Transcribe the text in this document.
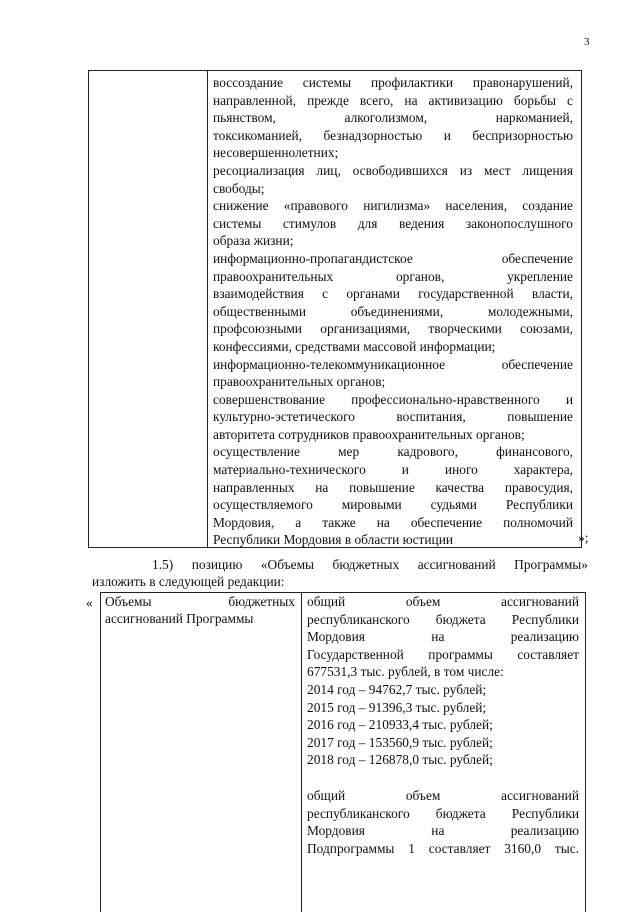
3
воссоздание системы профилактики правонарушений,
направленной, прежде всего, на активизацию борьбы с
пьянством, алкоголизмом, наркоманией,
токсикоманией, безнадзорностью и беспризорностью
несовершеннолетних;
ресоциализация лиц, освободившихся из мест лищения
свободы;
снижение «правового нигилизма» населения, создание
системы стимулов для ведения законопослушного
образа жизни;
информационно-пропагандистское обеспечение
правоохранительных органов, укрепление
взаимодействия с органами государственной власти,
общественными объединениями, молодежными,
профсоюзными организациями, творческими союзами,
конфессиями, средствами массовой информации;
информационно-телекоммуникационное обеспечение
правоохранительных органов;
совершенствование профессионально-нравственного и
культурно-эстетического воспитания, повышение
авторитета сотрудников правоохранительных органов;
осуществление мер кадрового, финансового,
материально-технического и иного характера,
направленных на повышение качества правосудия,
осуществляемого мировыми судьями Республики
Мордовия, а также на обеспечение полномочий
Республики Мордовия в области юстиции	»;
1.5) позицию «Объемы бюджетных ассигнований Программы»
изложить в следующей редакции:
« Объемы бюджетных
ассигнований Программы
общий объем ассигнований
республиканского бюджета Республики
Мордовия на реализацию
Государственной программы составляет
677531,3 тыс. рублей, в том числе:
2014 год – 94762,7 тыс. рублей;
2015 год – 91396,3 тыс. рублей;
2016 год – 210933,4 тыс. рублей;
2017 год – 153560,9 тыс. рублей;
2018 год – 126878,0 тыс. рублей;
общий объем ассигнований
республиканского бюджета Республики
Мордовия на реализацию
Подпрограммы 1 составляет 3160,0 тыс.
